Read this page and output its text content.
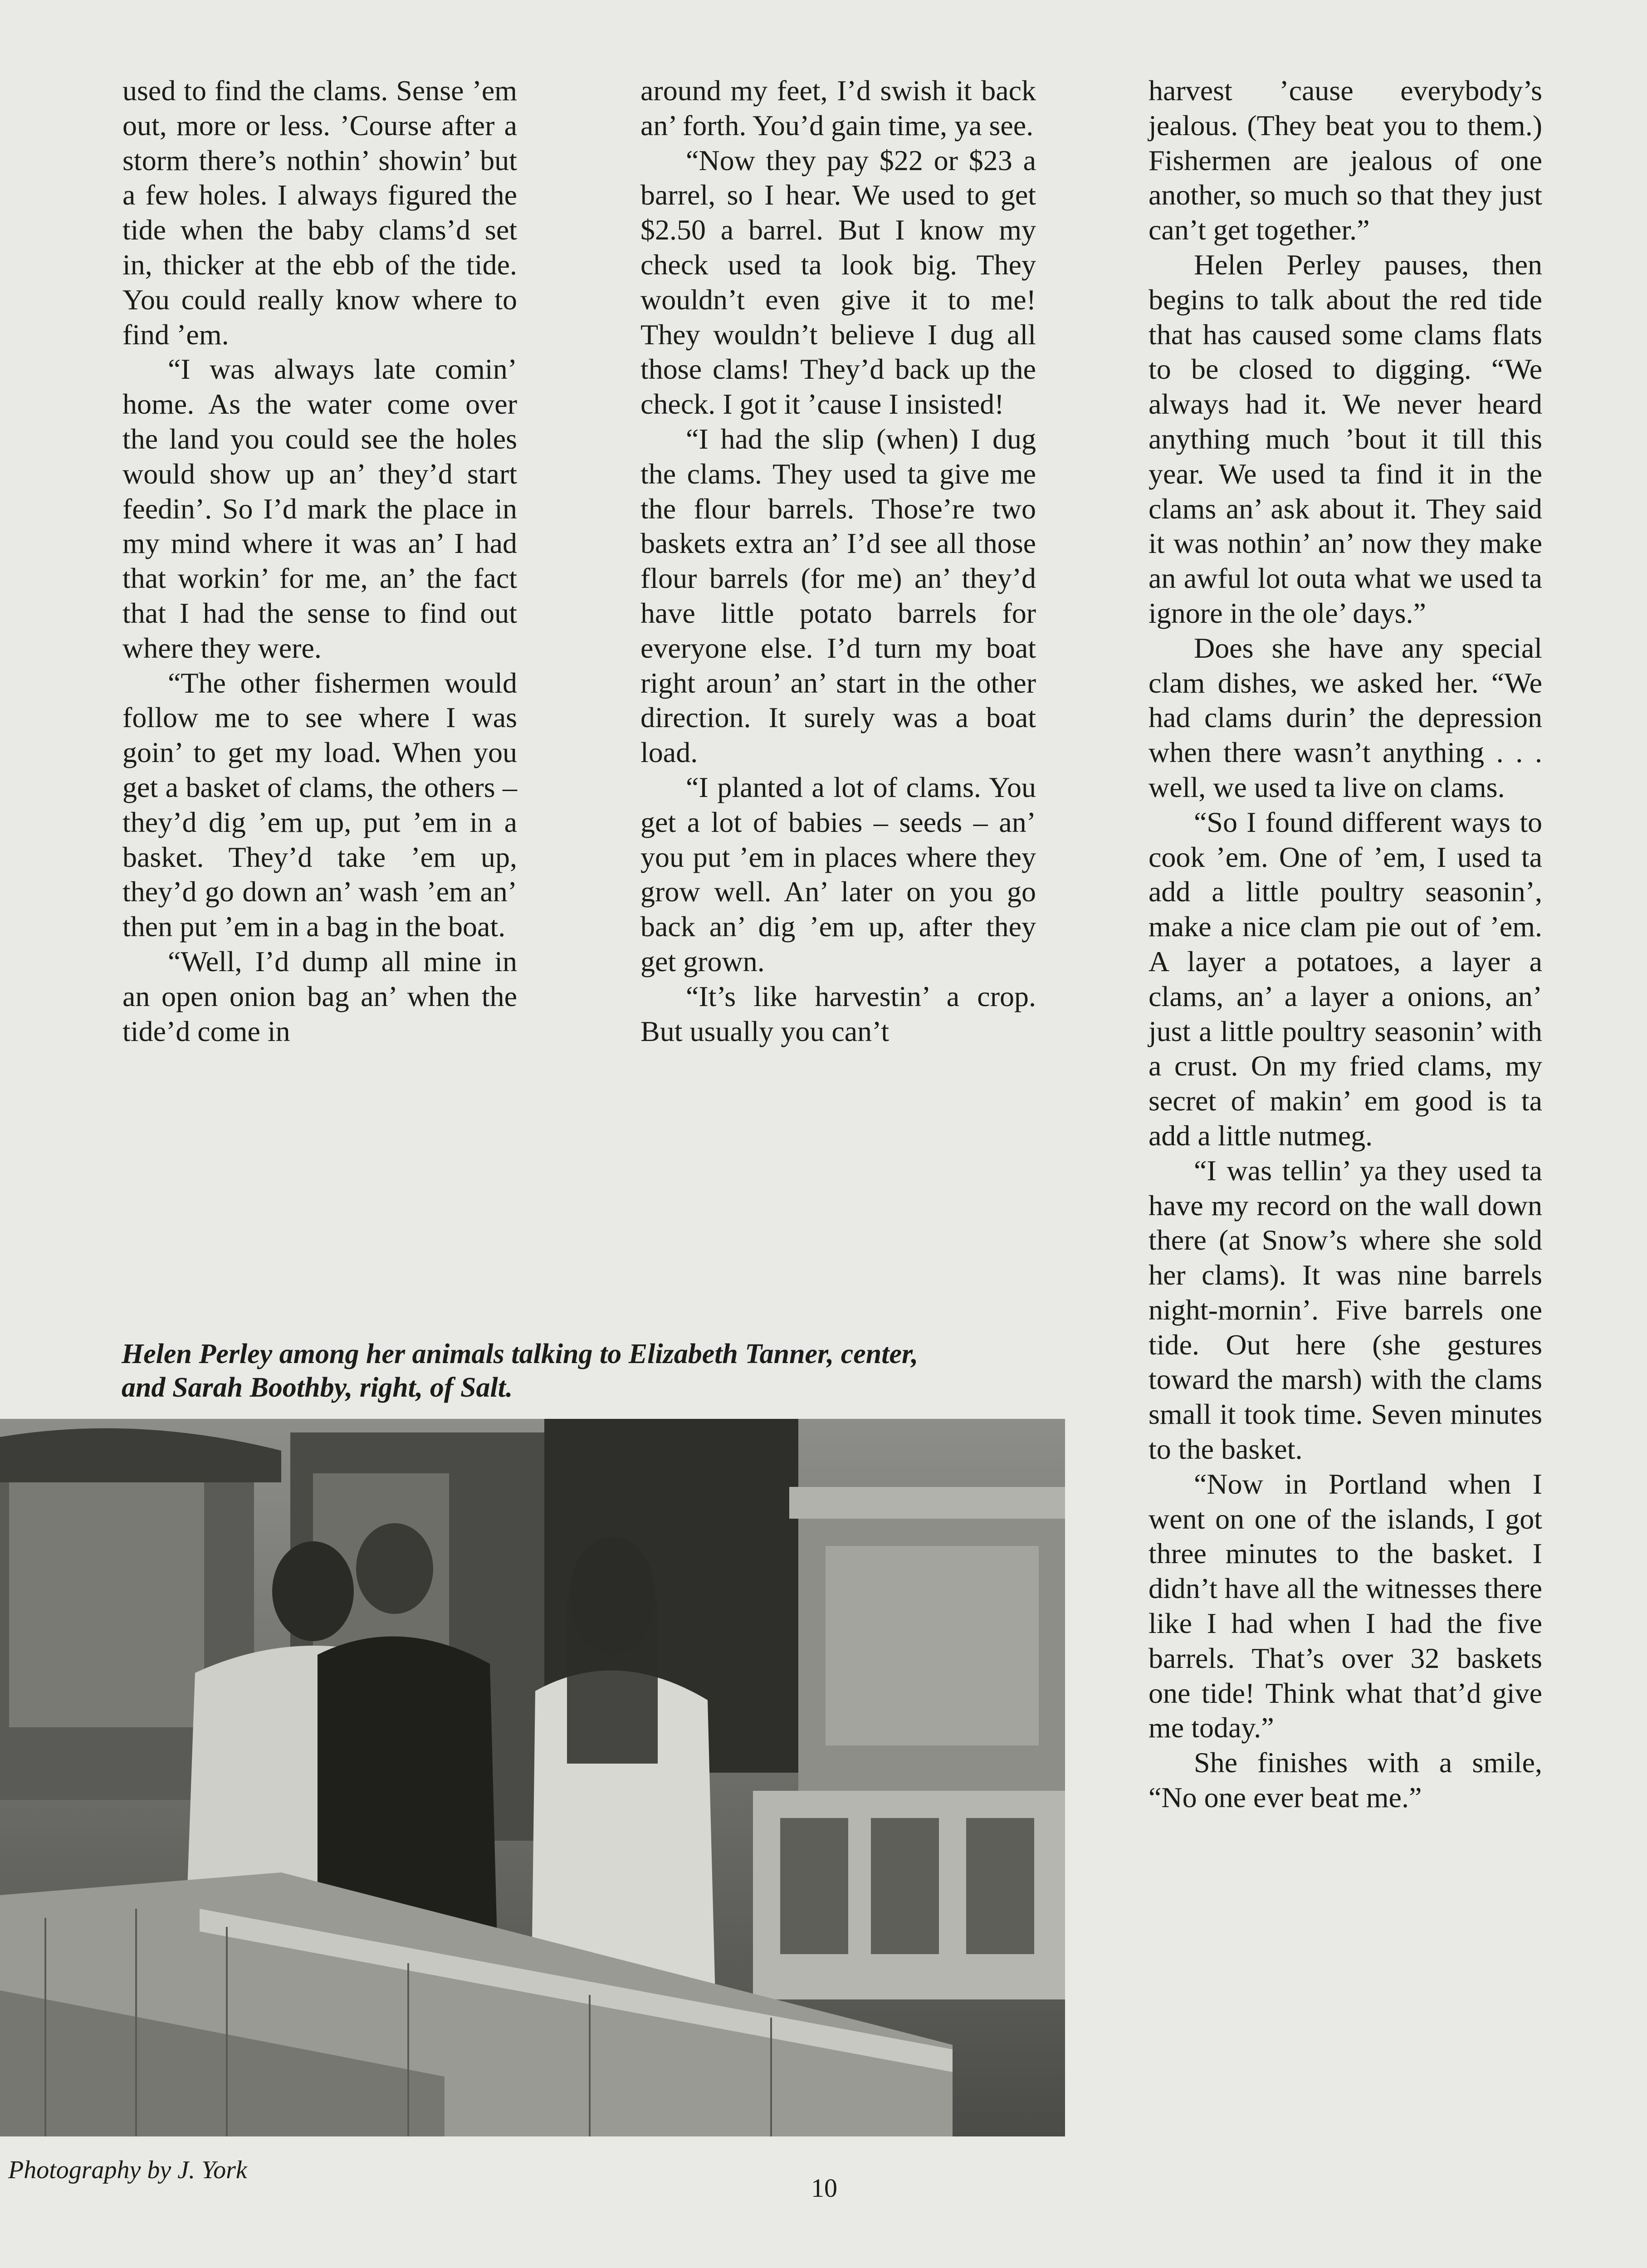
used to find the clams. Sense ’em out, more or less. ’Course after a storm there’s nothin’ showin’ but a few holes. I always figured the tide when the baby clams’d set in, thicker at the ebb of the tide. You could really know where to find ’em.

“I was always late comin’ home. As the water come over the land you could see the holes would show up an’ they’d start feedin’. So I’d mark the place in my mind where it was an’ I had that workin’ for me, an’ the fact that I had the sense to find out where they were.

“The other fishermen would follow me to see where I was goin’ to get my load. When you get a basket of clams, the others – they’d dig ’em up, put ’em in a basket. They’d take ’em up, they’d go down an’ wash ’em an’ then put ’em in a bag in the boat.

“Well, I’d dump all mine in an open onion bag an’ when the tide’d come in

around my feet, I’d swish it back an’ forth. You’d gain time, ya see.

“Now they pay $22 or $23 a barrel, so I hear. We used to get $2.50 a barrel. But I know my check used ta look big. They wouldn’t even give it to me! They wouldn’t believe I dug all those clams! They’d back up the check. I got it ’cause I insisted!

“I had the slip (when) I dug the clams. They used ta give me the flour barrels. Those’re two baskets extra an’ I’d see all those flour barrels (for me) an’ they’d have little potato barrels for everyone else. I’d turn my boat right aroun’ an’ start in the other direction. It surely was a boat load.

“I planted a lot of clams. You get a lot of babies – seeds – an’ you put ’em in places where they grow well. An’ later on you go back an’ dig ’em up, after they get grown.

“It’s like harvestin’ a crop. But usually you can’t

harvest ’cause everybody’s jealous. (They beat you to them.) Fishermen are jealous of one another, so much so that they just can’t get together.”

Helen Perley pauses, then begins to talk about the red tide that has caused some clams flats to be closed to digging. “We always had it. We never heard anything much ’bout it till this year. We used ta find it in the clams an’ ask about it. They said it was nothin’ an’ now they make an awful lot outa what we used ta ignore in the ole’ days.”

Does she have any special clam dishes, we asked her. “We had clams durin’ the depression when there wasn’t anything . . . well, we used ta live on clams.

“So I found different ways to cook ’em. One of ’em, I used ta add a little poultry seasonin’, make a nice clam pie out of ’em. A layer a potatoes, a layer a clams, an’ a layer a onions, an’ just a little poultry seasonin’ with a crust. On my fried clams, my secret of makin’ em good is ta add a little nutmeg.

“I was tellin’ ya they used ta have my record on the wall down there (at Snow’s where she sold her clams). It was nine barrels night-mornin’. Five barrels one tide. Out here (she gestures toward the marsh) with the clams small it took time. Seven minutes to the basket.

“Now in Portland when I went on one of the islands, I got three minutes to the basket. I didn’t have all the witnesses there like I had when I had the five barrels. That’s over 32 baskets one tide! Think what that’d give me today.”

She finishes with a smile, “No one ever beat me.”

Helen Perley among her animals talking to Elizabeth Tanner, center, and Sarah Boothby, right, of Salt.
Photography by J. York
10
